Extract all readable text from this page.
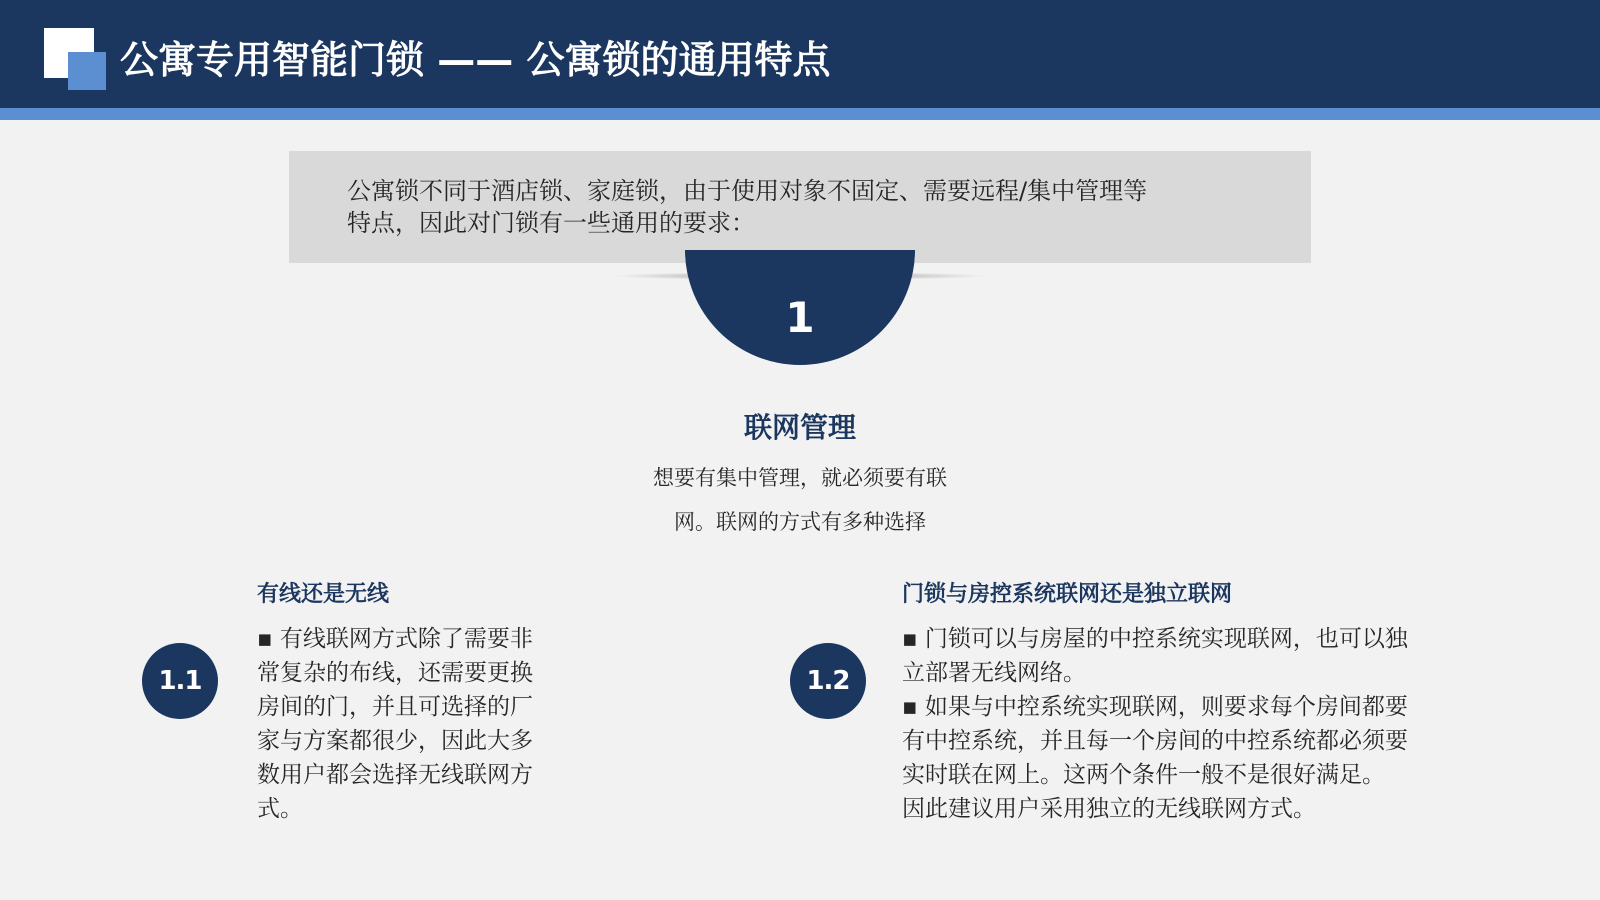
公寓专用智能门锁 —— 公寓锁的通用特点
公寓锁不同于酒店锁、家庭锁，由于使用对象不固定、需要远程/集中管理等
特点，因此对门锁有一些通用的要求：
1
联网管理
想要有集中管理，就必须要有联
网。联网的方式有多种选择
1.1
有线还是无线

▪ 有线联网方式除了需要非

常复杂的布线，还需要更换

房间的门，并且可选择的厂

家与方案都很少，因此大多

数用户都会选择无线联网方

式。

1.2
门锁与房控系统联网还是独立联网

▪ 门锁可以与房屋的中控系统实现联网，也可以独

立部署无线网络。

▪ 如果与中控系统实现联网，则要求每个房间都要

有中控系统，并且每一个房间的中控系统都必须要

实时联在网上。这两个条件一般不是很好满足。

因此建议用户采用独立的无线联网方式。
